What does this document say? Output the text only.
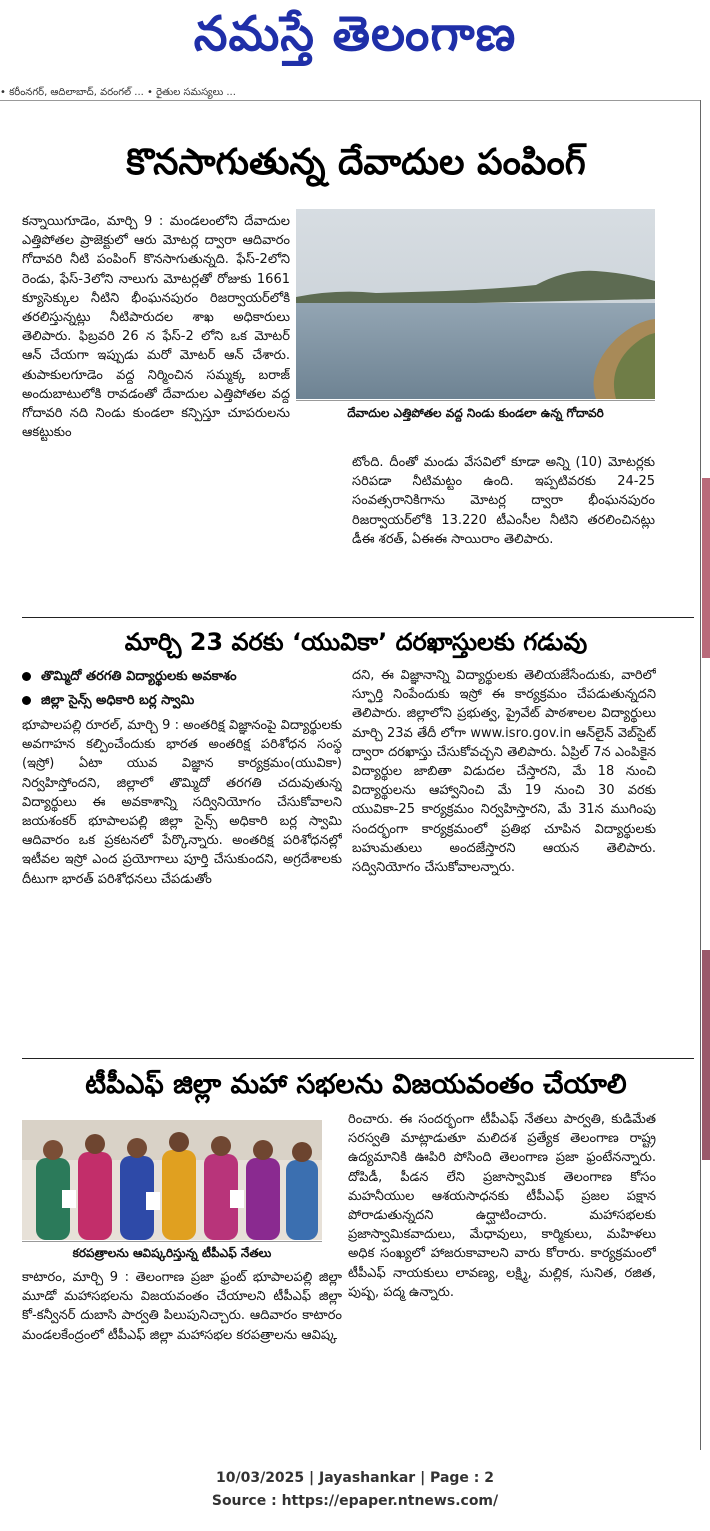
నమస్తే తెలంగాణ
• కరీంనగర్, ఆదిలాబాద్, వరంగల్ ... • రైతుల సమస్యలు ...
కొనసాగుతున్న దేవాదుల పంపింగ్
దేవాదుల ఎత్తిపోతల వద్ద నిండు కుండలా ఉన్న గోదావరి
కన్నాయిగూడెం, మార్చి 9 : మండలంలోని దేవాదుల ఎత్తిపోతల ప్రాజెక్టులో ఆరు మోటర్ల ద్వారా ఆదివారం గోదావరి నీటి పంపింగ్ కొనసాగుతున్నది. ఫేస్-2లోని రెండు, ఫేస్-3లోని నాలుగు మోటర్లతో రోజుకు 1661 క్యూసెక్కుల నీటిని భీంఘనపురం రిజర్వాయర్‌లోకి తరలిస్తున్నట్లు నీటిపారుదల శాఖ అధికారులు తెలిపారు. ఫిబ్రవరి 26 న ఫేస్-2 లోని ఒక మోటర్ ఆన్ చేయగా ఇప్పుడు మరో మోటర్ ఆన్ చేశారు. తుపాకులగూడెం వద్ద నిర్మించిన సమ్మక్క బరాజ్ అందుబాటులోకి రావడంతో దేవాదుల ఎత్తిపోతల వద్ద గోదావరి నది నిండు కుండలా కన్పిస్తూ చూపరులను ఆకట్టుకుం
టోంది. దీంతో మండు వేసవిలో కూడా అన్ని (10) మోటర్లకు సరిపడా నీటిమట్టం ఉంది. ఇప్పటివరకు 24-25 సంవత్సరానికిగాను మోటర్ల ద్వారా భీంఘనపురం రిజర్వాయర్‌లోకి 13.220 టీఎంసీల నీటిని తరలించినట్లు డీఈ శరత్, ఏఈఈ సాయిరాం తెలిపారు.
మార్చి 23 వరకు ‘యువికా’ దరఖాస్తులకు గడువు
తొమ్మిదో తరగతి విద్యార్థులకు అవకాశం
జిల్లా సైన్స్ అధికారి బర్ల స్వామి
భూపాలపల్లి రూరల్, మార్చి 9 : అంతరిక్ష విజ్ఞానంపై విద్యార్థులకు అవగాహన కల్పించేందుకు భారత అంతరిక్ష పరిశోధన సంస్థ (ఇస్రో) ఏటా యువ విజ్ఞాన కార్యక్రమం(యువికా) నిర్వహిస్తోందని, జిల్లాలో తొమ్మిదో తరగతి చదువుతున్న విద్యార్థులు ఈ అవకాశాన్ని సద్వినియోగం చేసుకోవాలని జయశంకర్ భూపాలపల్లి జిల్లా సైన్స్ అధికారి బర్ల స్వామి ఆదివారం ఒక ప్రకటనలో పేర్కొన్నారు. అంతరిక్ష పరిశోధనల్లో ఇటీవల ఇస్రో ఎంద ప్రయోగాలు పూర్తి చేసుకుందని, అగ్రదేశాలకు దీటుగా భారత్ పరిశోధనలు చేపడుతోం
దని, ఈ విజ్ఞానాన్ని విద్యార్థులకు తెలియజేసేందుకు, వారిలో స్ఫూర్తి నింపేందుకు ఇస్రో ఈ కార్యక్రమం చేపడుతున్నదని తెలిపారు. జిల్లాలోని ప్రభుత్వ, ప్రైవేట్ పాఠశాలల విద్యార్థులు మార్చి 23వ తేదీ లోగా www.isro.gov.in ఆన్‌లైన్ వెబ్‌సైట్ ద్వారా దరఖాస్తు చేసుకోవచ్చని తెలిపారు. ఏప్రిల్ 7న ఎంపికైన విద్యార్థుల జాబితా విడుదల చేస్తారని, మే 18 నుంచి విద్యార్థులను ఆహ్వానించి మే 19 నుంచి 30 వరకు యువికా-25 కార్యక్రమం నిర్వహిస్తారని, మే 31న ముగింపు సందర్భంగా కార్యక్రమంలో ప్రతిభ చూపిన విద్యార్థులకు బహుమతులు అందజేస్తారని ఆయన తెలిపారు. సద్వినియోగం చేసుకోవాలన్నారు.
టీపీఎఫ్ జిల్లా మహా సభలను విజయవంతం చేయాలి
కరపత్రాలను ఆవిష్కరిస్తున్న టీపీఎఫ్ నేతలు
కాటారం, మార్చి 9 : తెలంగాణ ప్రజా ఫ్రంట్ భూపాలపల్లి జిల్లా మూడో మహాసభలను విజయవంతం చేయాలని టీపీఎఫ్ జిల్లా కో-కన్వీనర్ దుబాసి పార్వతి పిలుపునిచ్చారు. ఆదివారం కాటారం మండలకేంద్రంలో టీపీఎఫ్ జిల్లా మహాసభల కరపత్రాలను ఆవిష్క
రించారు. ఈ సందర్భంగా టీపీఎఫ్ నేతలు పార్వతి, కుడిమేత సరస్వతి మాట్లాడుతూ మలిదశ ప్రత్యేక తెలంగాణ రాష్ట్ర ఉద్యమానికి ఊపిరి పోసింది తెలంగాణ ప్రజా ఫ్రంటేనన్నారు. దోపిడీ, పీడన లేని ప్రజాస్వామిక తెలంగాణ కోసం మహనీయుల ఆశయసాధనకు టీపీఎఫ్ ప్రజల పక్షాన పోరాడుతున్నదని ఉద్ఘాటించారు. మహాసభలకు ప్రజాస్వామికవాదులు, మేధావులు, కార్మికులు, మహిళలు అధిక సంఖ్యలో హాజరుకావాలని వారు కోరారు. కార్యక్రమంలో టీపీఎఫ్ నాయకులు లావణ్య, లక్ష్మి, మల్లిక, సునిత, రజిత, పుష్ప, పద్మ ఉన్నారు.
10/03/2025 | Jayashankar | Page : 2
Source : https://epaper.ntnews.com/
